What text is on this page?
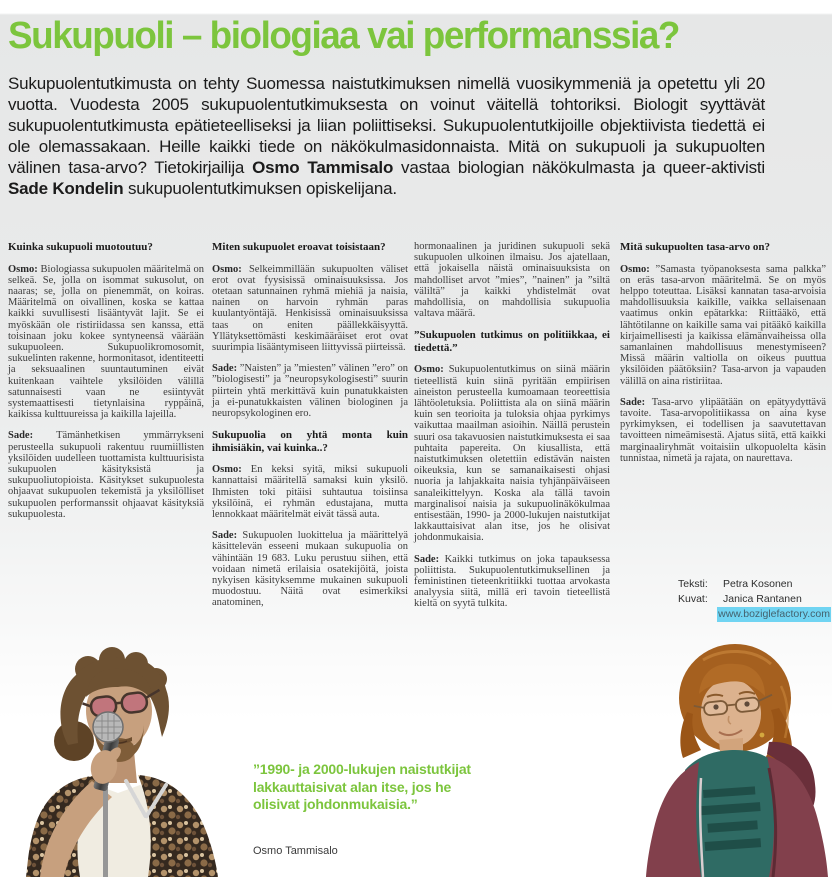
Sukupuoli – biologiaa vai performanssia?

Sukupuolentutkimusta on tehty Suomessa naistutkimuksen nimellä vuosikymmeniä ja opetettu yli 20 vuotta. Vuodesta 2005 sukupuolentutkimuksesta on voinut väitellä tohtoriksi. Biologit syyttävät sukupuolentutkimusta epätieteelliseksi ja liian poliittiseksi. Sukupuolentutkijoille objektiivista tiedettä ei ole olemassakaan. Heille kaikki tiede on näkökulmasidonnaista. Mitä on sukupuoli ja sukupuolten välinen tasa-arvo? Tietokirjailija Osmo Tammisalo vastaa biologian näkökulmasta ja queer-aktivisti Sade Kondelin sukupuolentutkimuksen opiskelijana.

Kuinka sukupuoli muotoutuu?

Osmo: Biologiassa sukupuolen määritelmä on selkeä. Se, jolla on isommat sukusolut, on naaras; se, jolla on pienemmät, on koiras. Määritelmä on oivallinen, koska se kattaa kaikki suvullisesti lisääntyvät lajit. Se ei myöskään ole ristiriidassa sen kanssa, että toisinaan joku kokee syntyneensä väärään sukupuoleen. Sukupuolikromosomit, sukuelinten rakenne, hormonitasot, identiteetti ja seksuaalinen suuntautuminen eivät kuitenkaan vaihtele yksilöiden välillä satunnaisesti vaan ne esiintyvät systemaattisesti tietynlaisina ryppäinä, kaikissa kulttuureissa ja kaikilla lajeilla.

Sade: Tämänhetkisen ymmärrykseni perusteella sukupuoli rakentuu ruumiillisten yksilöiden uudelleen tuottamista kulttuurisista sukupuolen käsityksistä ja sukupuoliutopioista. Käsitykset sukupuolesta ohjaavat sukupuolen tekemistä ja yksilölliset sukupuolen performanssit ohjaavat käsityksiä sukupuolesta.

Miten sukupuolet eroavat toisistaan?

Osmo: Selkeimmillään sukupuolten väliset erot ovat fyysisissä ominaisuuksissa. Jos otetaan satunnainen ryhmä miehiä ja naisia, nainen on harvoin ryhmän paras kuulantyöntäjä. Henkisissä ominaisuuksissa taas on eniten päällekkäisyyttä. Yllätyksettömästi keskimääräiset erot ovat suurimpia lisääntymiseen liittyvissä piirteissä.

Sade: ”Naisten” ja ”miesten” välinen ”ero” on ”biologisesti” ja ”neuropsykologisesti” suurin piirtein yhtä merkittävä kuin punatukkaisten ja ei-punatukkaisten välinen biologinen ja neuropsykologinen ero.

Sukupuolia on yhtä monta kuin ihmisiäkin, vai kuinka..?

Osmo: En keksi syitä, miksi sukupuoli kannattaisi määritellä samaksi kuin yksilö. Ihmisten toki pitäisi suhtautua toisiinsa yksilöinä, ei ryhmän edustajana, mutta lennokkaat määritelmät eivät tässä auta.

Sade: Sukupuolen luokittelua ja määrittelyä käsittelevän esseeni mukaan sukupuolia on vähintään 19 683. Luku perustuu siihen, että voidaan nimetä erilaisia osatekijöitä, joista nykyisen käsityksemme mukainen sukupuoli muodostuu. Näitä ovat esimerkiksi anatominen,

hormonaalinen ja juridinen sukupuoli sekä sukupuolen ulkoinen ilmaisu. Jos ajatellaan, että jokaisella näistä ominaisuuksista on mahdolliset arvot ”mies”, ”nainen” ja ”siltä väliltä” ja kaikki yhdistelmät ovat mahdollisia, on mahdollisia sukupuolia valtava määrä.

”Sukupuolen tutkimus on politiikkaa, ei tiedettä.”

Osmo: Sukupuolentutkimus on siinä määrin tieteellistä kuin siinä pyritään empiirisen aineiston perusteella kumoamaan teoreettisia lähtöoletuksia. Poliittista ala on siinä määrin kuin sen teorioita ja tuloksia ohjaa pyrkimys vaikuttaa maailman asioihin. Näillä perustein suuri osa takavuosien naistutkimuksesta ei saa puhtaita papereita. On kiusallista, että naistutkimuksen oletettiin edistävän naisten oikeuksia, kun se samanaikaisesti ohjasi nuoria ja lahjakkaita naisia tyhjänpäiväiseen sanaleikittelyyn. Koska ala tällä tavoin marginalisoi naisia ja sukupuolinäkökulmaa entisestään, 1990- ja 2000-lukujen naistutkijat lakkauttaisivat alan itse, jos he olisivat johdonmukaisia.

Sade: Kaikki tutkimus on joka tapauksessa poliittista. Sukupuolentutkimuksellinen ja feministinen tieteenkritiikki tuottaa arvokasta analyysia siitä, millä eri tavoin tieteellistä kieltä on syytä tulkita.

Mitä sukupuolten tasa-arvo on?

Osmo: ”Samasta työpanoksesta sama palkka” on eräs tasa-arvon määritelmä. Se on myös helppo toteuttaa. Lisäksi kannatan tasa-arvoisia mahdollisuuksia kaikille, vaikka sellaisenaan vaatimus onkin epätarkka: Riittääkö, että lähtötilanne on kaikille sama vai pitääkö kaikilla kirjaimellisesti ja kaikissa elämänvaiheissa olla samanlainen mahdollisuus menestymiseen? Missä määrin valtiolla on oikeus puuttua yksilöiden päätöksiin? Tasa-arvon ja vapauden välillä on aina ristiriitaa.

Sade: Tasa-arvo ylipäätään on epätyydyttävä tavoite. Tasa-arvopolitiikassa on aina kyse pyrkimyksen, ei todellisen ja saavutettavan tavoitteen nimeämisestä. Ajatus siitä, että kaikki marginaaliryhmät voitaisiin ulkopuolelta käsin tunnistaa, nimetä ja rajata, on naurettava.

”1990- ja 2000-lukujen naistutkijat lakkauttaisivat alan itse, jos he olisivat johdonmukaisia.”

Osmo Tammisalo
Teksti:	Petra Kosonen
Kuvat:	Janica Rantanen
www.boziglefactory.com
